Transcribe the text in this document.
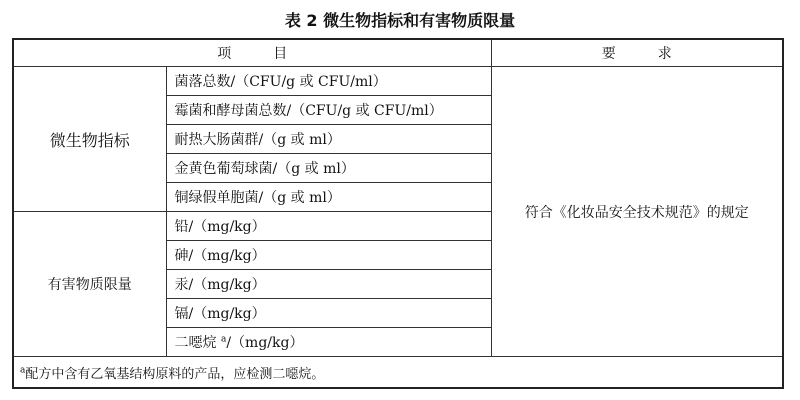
表 2 微生物指标和有害物质限量
项　　　目		要　　　求
微生物指标	菌落总数/（CFU/g 或 CFU/ml）	符合《化妆品安全技术规范》的规定
	霉菌和酵母菌总数/（CFU/g 或 CFU/ml）	
	耐热大肠菌群/（g 或 ml）	
	金黄色葡萄球菌/（g 或 ml）	
	铜绿假单胞菌/（g 或 ml）	
有害物质限量	铅/（mg/kg）	
	砷/（mg/kg）	
	汞/（mg/kg）	
	镉/（mg/kg）	
	二噁烷 $^a$/（mg/kg）	
$^a$配方中含有乙氧基结构原料的产品，应检测二噁烷。		
